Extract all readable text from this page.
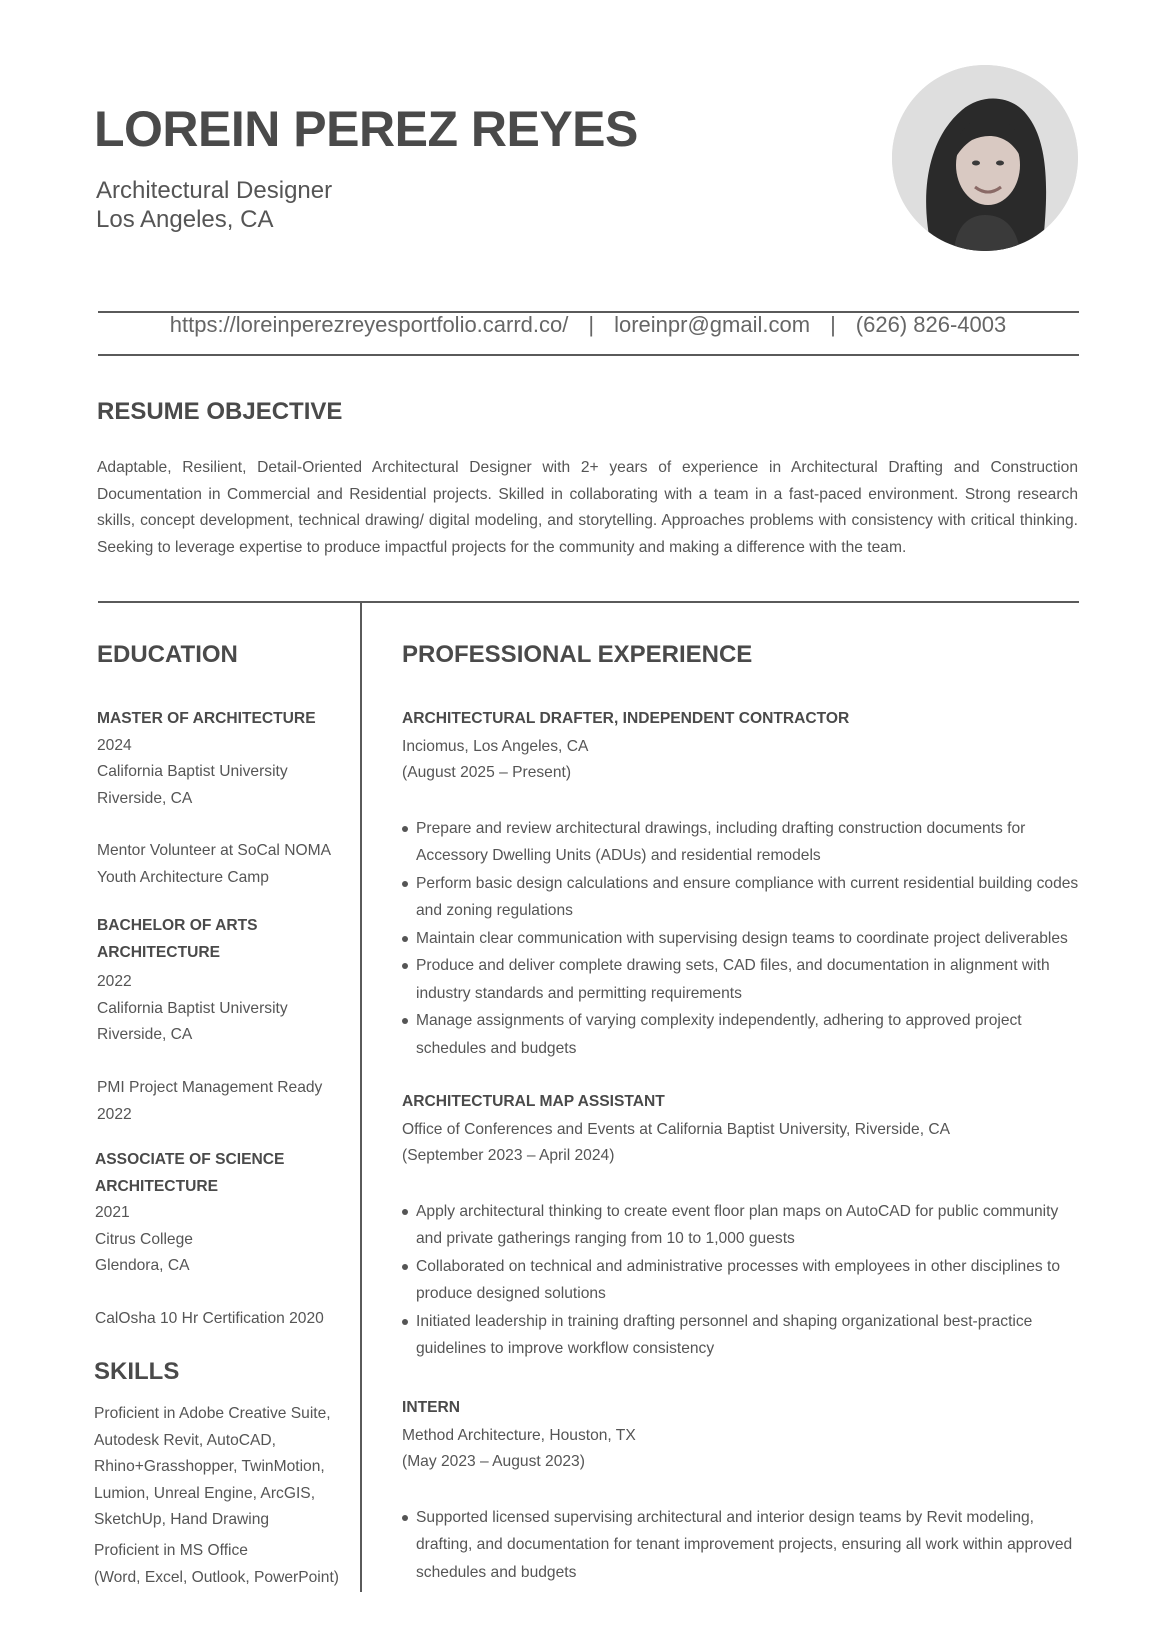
LOREIN PEREZ REYES
Architectural Designer
Los Angeles, CA
https://loreinperezreyesportfolio.carrd.co/ | loreinpr@gmail.com | (626) 826-4003
RESUME OBJECTIVE
Adaptable, Resilient, Detail-Oriented Architectural Designer with 2+ years of experience in Architectural Drafting and Construction Documentation in Commercial and Residential projects. Skilled in collaborating with a team in a fast-paced environment. Strong research skills, concept development, technical drawing/ digital modeling, and storytelling. Approaches problems with consistency with critical thinking. Seeking to leverage expertise to produce impactful projects for the community and making a difference with the team.
EDUCATION
MASTER OF ARCHITECTURE
2024
California Baptist University
Riverside, CA
Mentor Volunteer at SoCal NOMA
Youth Architecture Camp
BACHELOR OF ARTS
ARCHITECTURE
2022
California Baptist University
Riverside, CA
PMI Project Management Ready
2022
ASSOCIATE OF SCIENCE
ARCHITECTURE
2021
Citrus College
Glendora, CA
CalOsha 10 Hr Certification 2020
SKILLS
Proficient in Adobe Creative Suite,
Autodesk Revit, AutoCAD,
Rhino+Grasshopper, TwinMotion,
Lumion, Unreal Engine, ArcGIS,
SketchUp, Hand Drawing
Proficient in MS Office
(Word, Excel, Outlook, PowerPoint)
PROFESSIONAL EXPERIENCE
ARCHITECTURAL DRAFTER, INDEPENDENT CONTRACTOR
Inciomus, Los Angeles, CA
(August 2025 – Present)
Prepare and review architectural drawings, including drafting construction documents for Accessory Dwelling Units (ADUs) and residential remodels
Perform basic design calculations and ensure compliance with current residential building codes and zoning regulations
Maintain clear communication with supervising design teams to coordinate project deliverables
Produce and deliver complete drawing sets, CAD files, and documentation in alignment with industry standards and permitting requirements
Manage assignments of varying complexity independently, adhering to approved project schedules and budgets
ARCHITECTURAL MAP ASSISTANT
Office of Conferences and Events at California Baptist University, Riverside, CA
(September 2023 – April 2024)
Apply architectural thinking to create event floor plan maps on AutoCAD for public community and private gatherings ranging from 10 to 1,000 guests
Collaborated on technical and administrative processes with employees in other disciplines to produce designed solutions
Initiated leadership in training drafting personnel and shaping organizational best-practice guidelines to improve workflow consistency
INTERN
Method Architecture, Houston, TX
(May 2023 – August 2023)
Supported licensed supervising architectural and interior design teams by Revit modeling, drafting, and documentation for tenant improvement projects, ensuring all work within approved schedules and budgets
